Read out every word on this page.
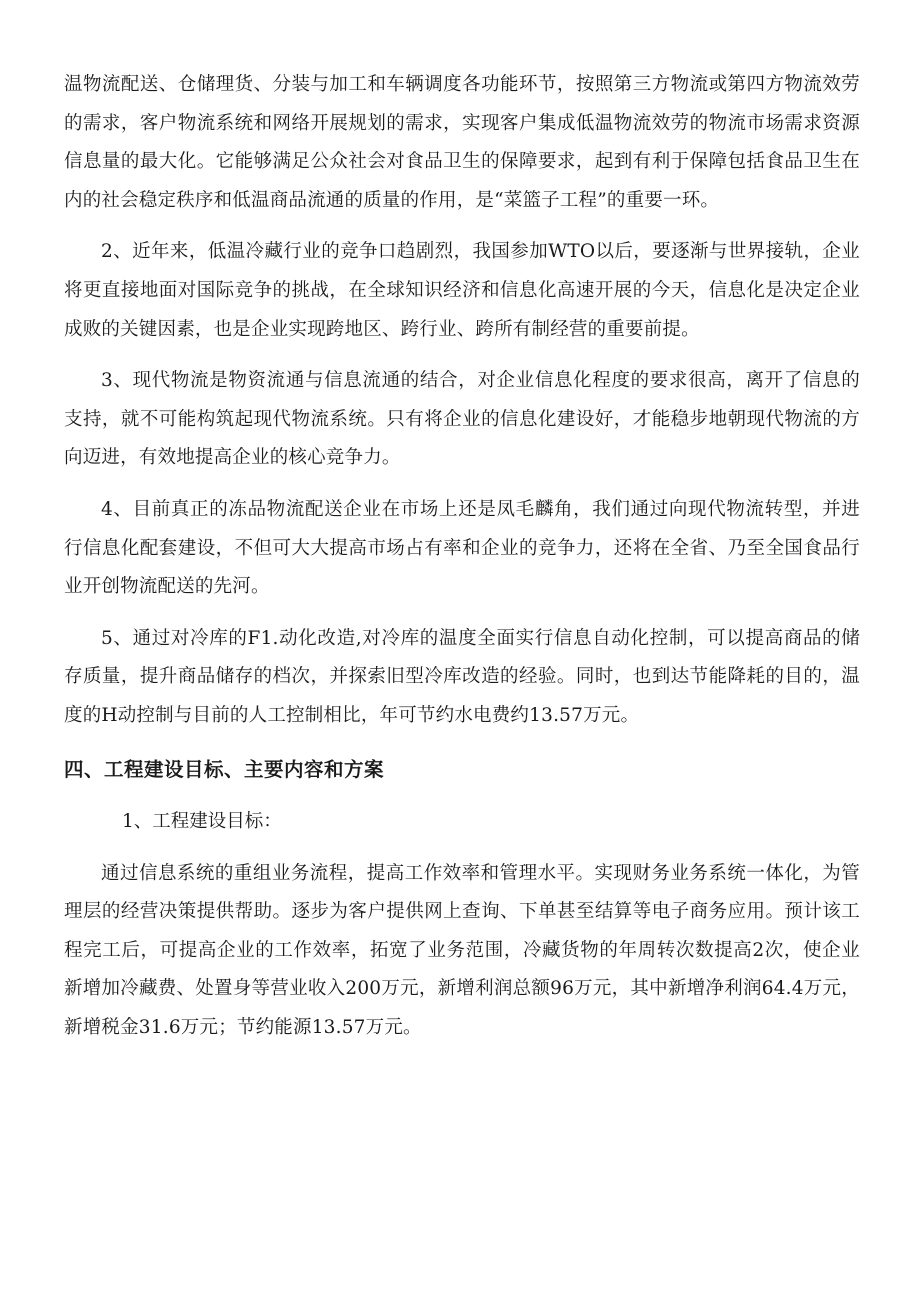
温物流配送、仓储理货、分装与加工和车辆调度各功能环节，按照第三方物流或第四方物流效劳的需求，客户物流系统和网络开展规划的需求，实现客户集成低温物流效劳的物流市场需求资源信息量的最大化。它能够满足公众社会对食品卫生的保障要求，起到有利于保障包括食品卫生在内的社会稳定秩序和低温商品流通的质量的作用，是“菜篮子工程”的重要一环。

2、近年来，低温冷藏行业的竞争口趋剧烈，我国参加WTO以后，要逐渐与世界接轨，企业将更直接地面对国际竞争的挑战，在全球知识经济和信息化高速开展的今天，信息化是决定企业成败的关键因素，也是企业实现跨地区、跨行业、跨所有制经营的重要前提。

3、现代物流是物资流通与信息流通的结合，对企业信息化程度的要求很高，离开了信息的支持，就不可能构筑起现代物流系统。只有将企业的信息化建设好，才能稳步地朝现代物流的方向迈进，有效地提高企业的核心竞争力。

4、目前真正的冻品物流配送企业在市场上还是凤毛麟角，我们通过向现代物流转型，并进行信息化配套建设，不但可大大提高市场占有率和企业的竞争力，还将在全省、乃至全国食品行业开创物流配送的先河。

5、通过对冷库的F1.动化改造,对冷库的温度全面实行信息自动化控制，可以提高商品的储存质量，提升商品储存的档次，并探索旧型冷库改造的经验。同时，也到达节能降耗的目的，温度的H动控制与目前的人工控制相比，年可节约水电费约13.57万元。

四、工程建设目标、主要内容和方案

1、工程建设目标：

通过信息系统的重组业务流程，提高工作效率和管理水平。实现财务业务系统一体化，为管理层的经营决策提供帮助。逐步为客户提供网上查询、下单甚至结算等电子商务应用。预计该工程完工后，可提高企业的工作效率，拓宽了业务范围，冷藏货物的年周转次数提高2次，使企业新增加冷藏费、处置身等营业收入200万元，新增利润总额96万元，其中新增净利润64.4万元，新增税金31.6万元；节约能源13.57万元。
